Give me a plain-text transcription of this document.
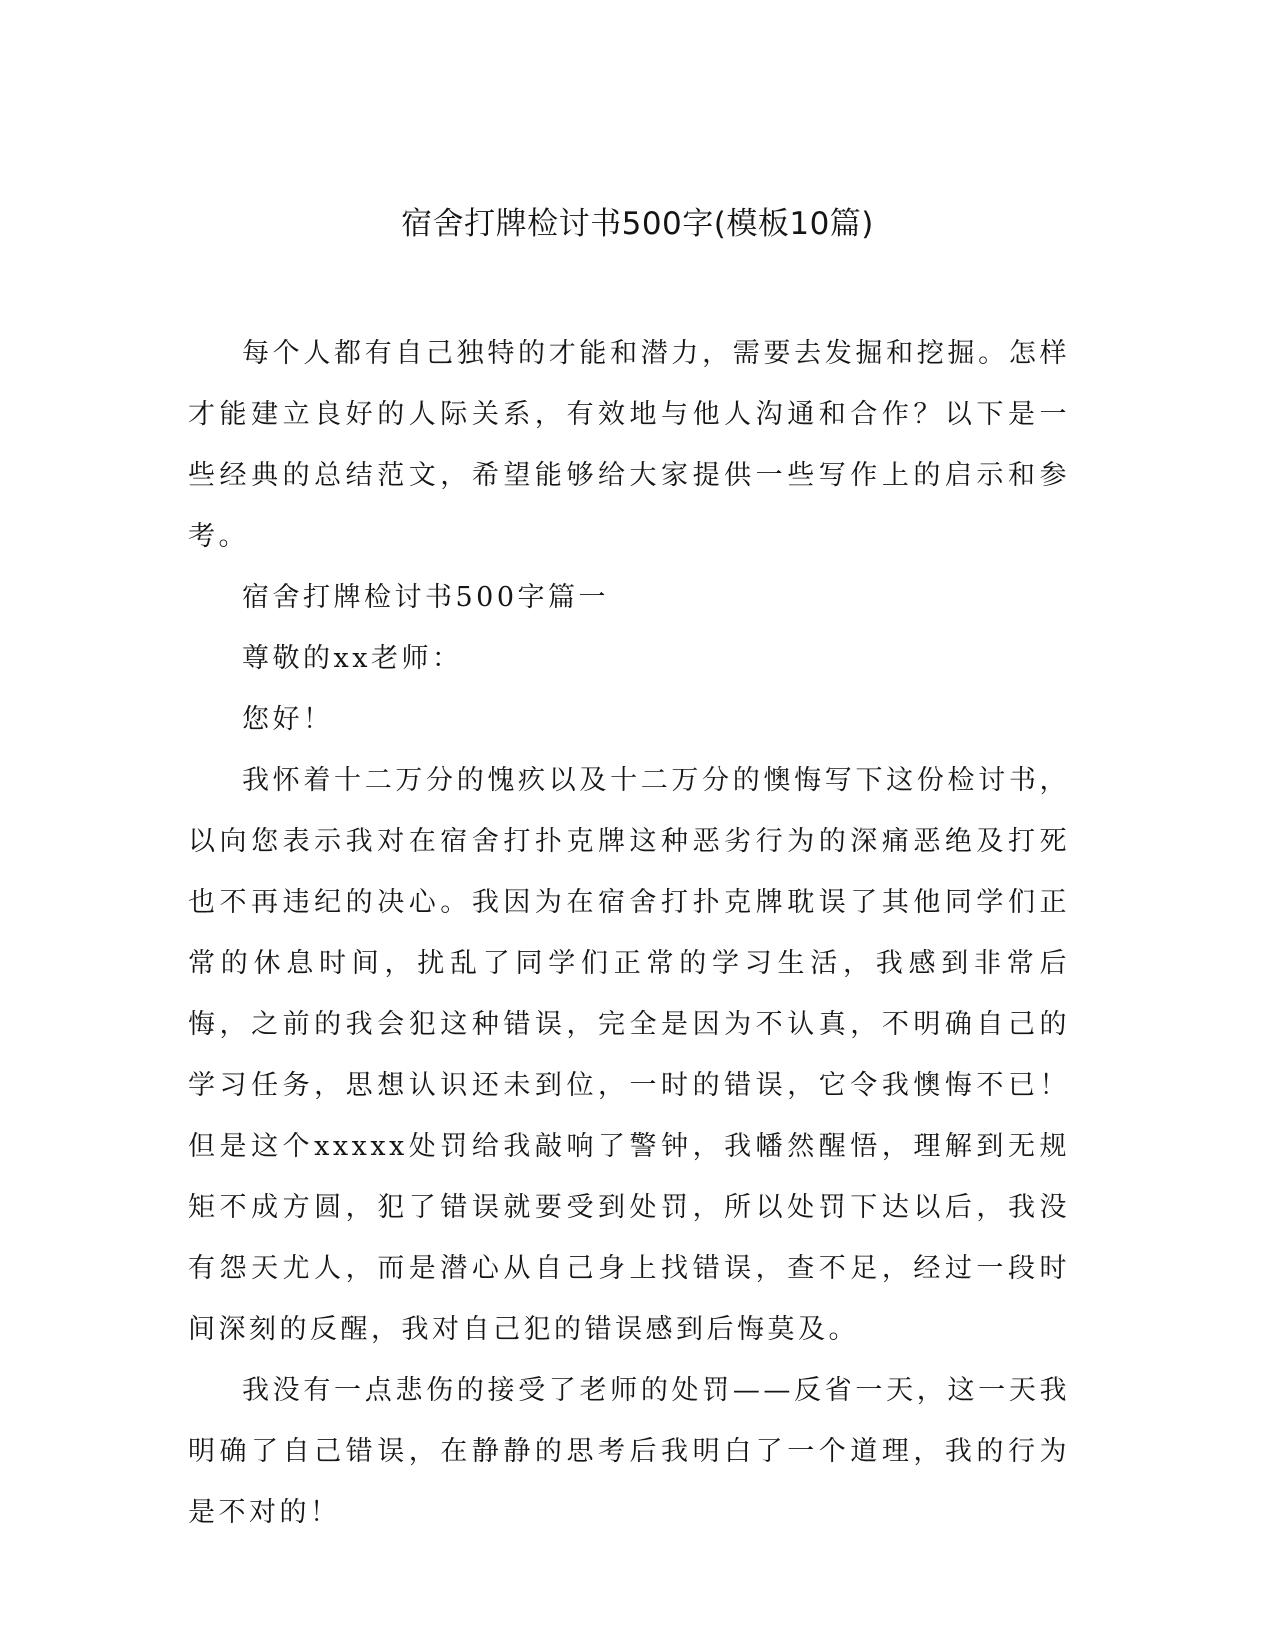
宿舍打牌检讨书500字(模板10篇)

每个人都有自己独特的才能和潜力，需要去发掘和挖掘。怎样才能建立良好的人际关系，有效地与他人沟通和合作？以下是一些经典的总结范文，希望能够给大家提供一些写作上的启示和参考。

宿舍打牌检讨书500字篇一

尊敬的xx老师：

您好！

我怀着十二万分的愧疚以及十二万分的懊悔写下这份检讨书，以向您表示我对在宿舍打扑克牌这种恶劣行为的深痛恶绝及打死也不再违纪的决心。我因为在宿舍打扑克牌耽误了其他同学们正常的休息时间，扰乱了同学们正常的学习生活，我感到非常后悔，之前的我会犯这种错误，完全是因为不认真，不明确自己的学习任务，思想认识还未到位，一时的错误，它令我懊悔不已！但是这个xxxxx处罚给我敲响了警钟，我幡然醒悟，理解到无规矩不成方圆，犯了错误就要受到处罚，所以处罚下达以后，我没有怨天尤人，而是潜心从自己身上找错误，查不足，经过一段时间深刻的反醒，我对自己犯的错误感到后悔莫及。

我没有一点悲伤的接受了老师的处罚——反省一天，这一天我明确了自己错误，在静静的思考后我明白了一个道理，我的行为是不对的！
